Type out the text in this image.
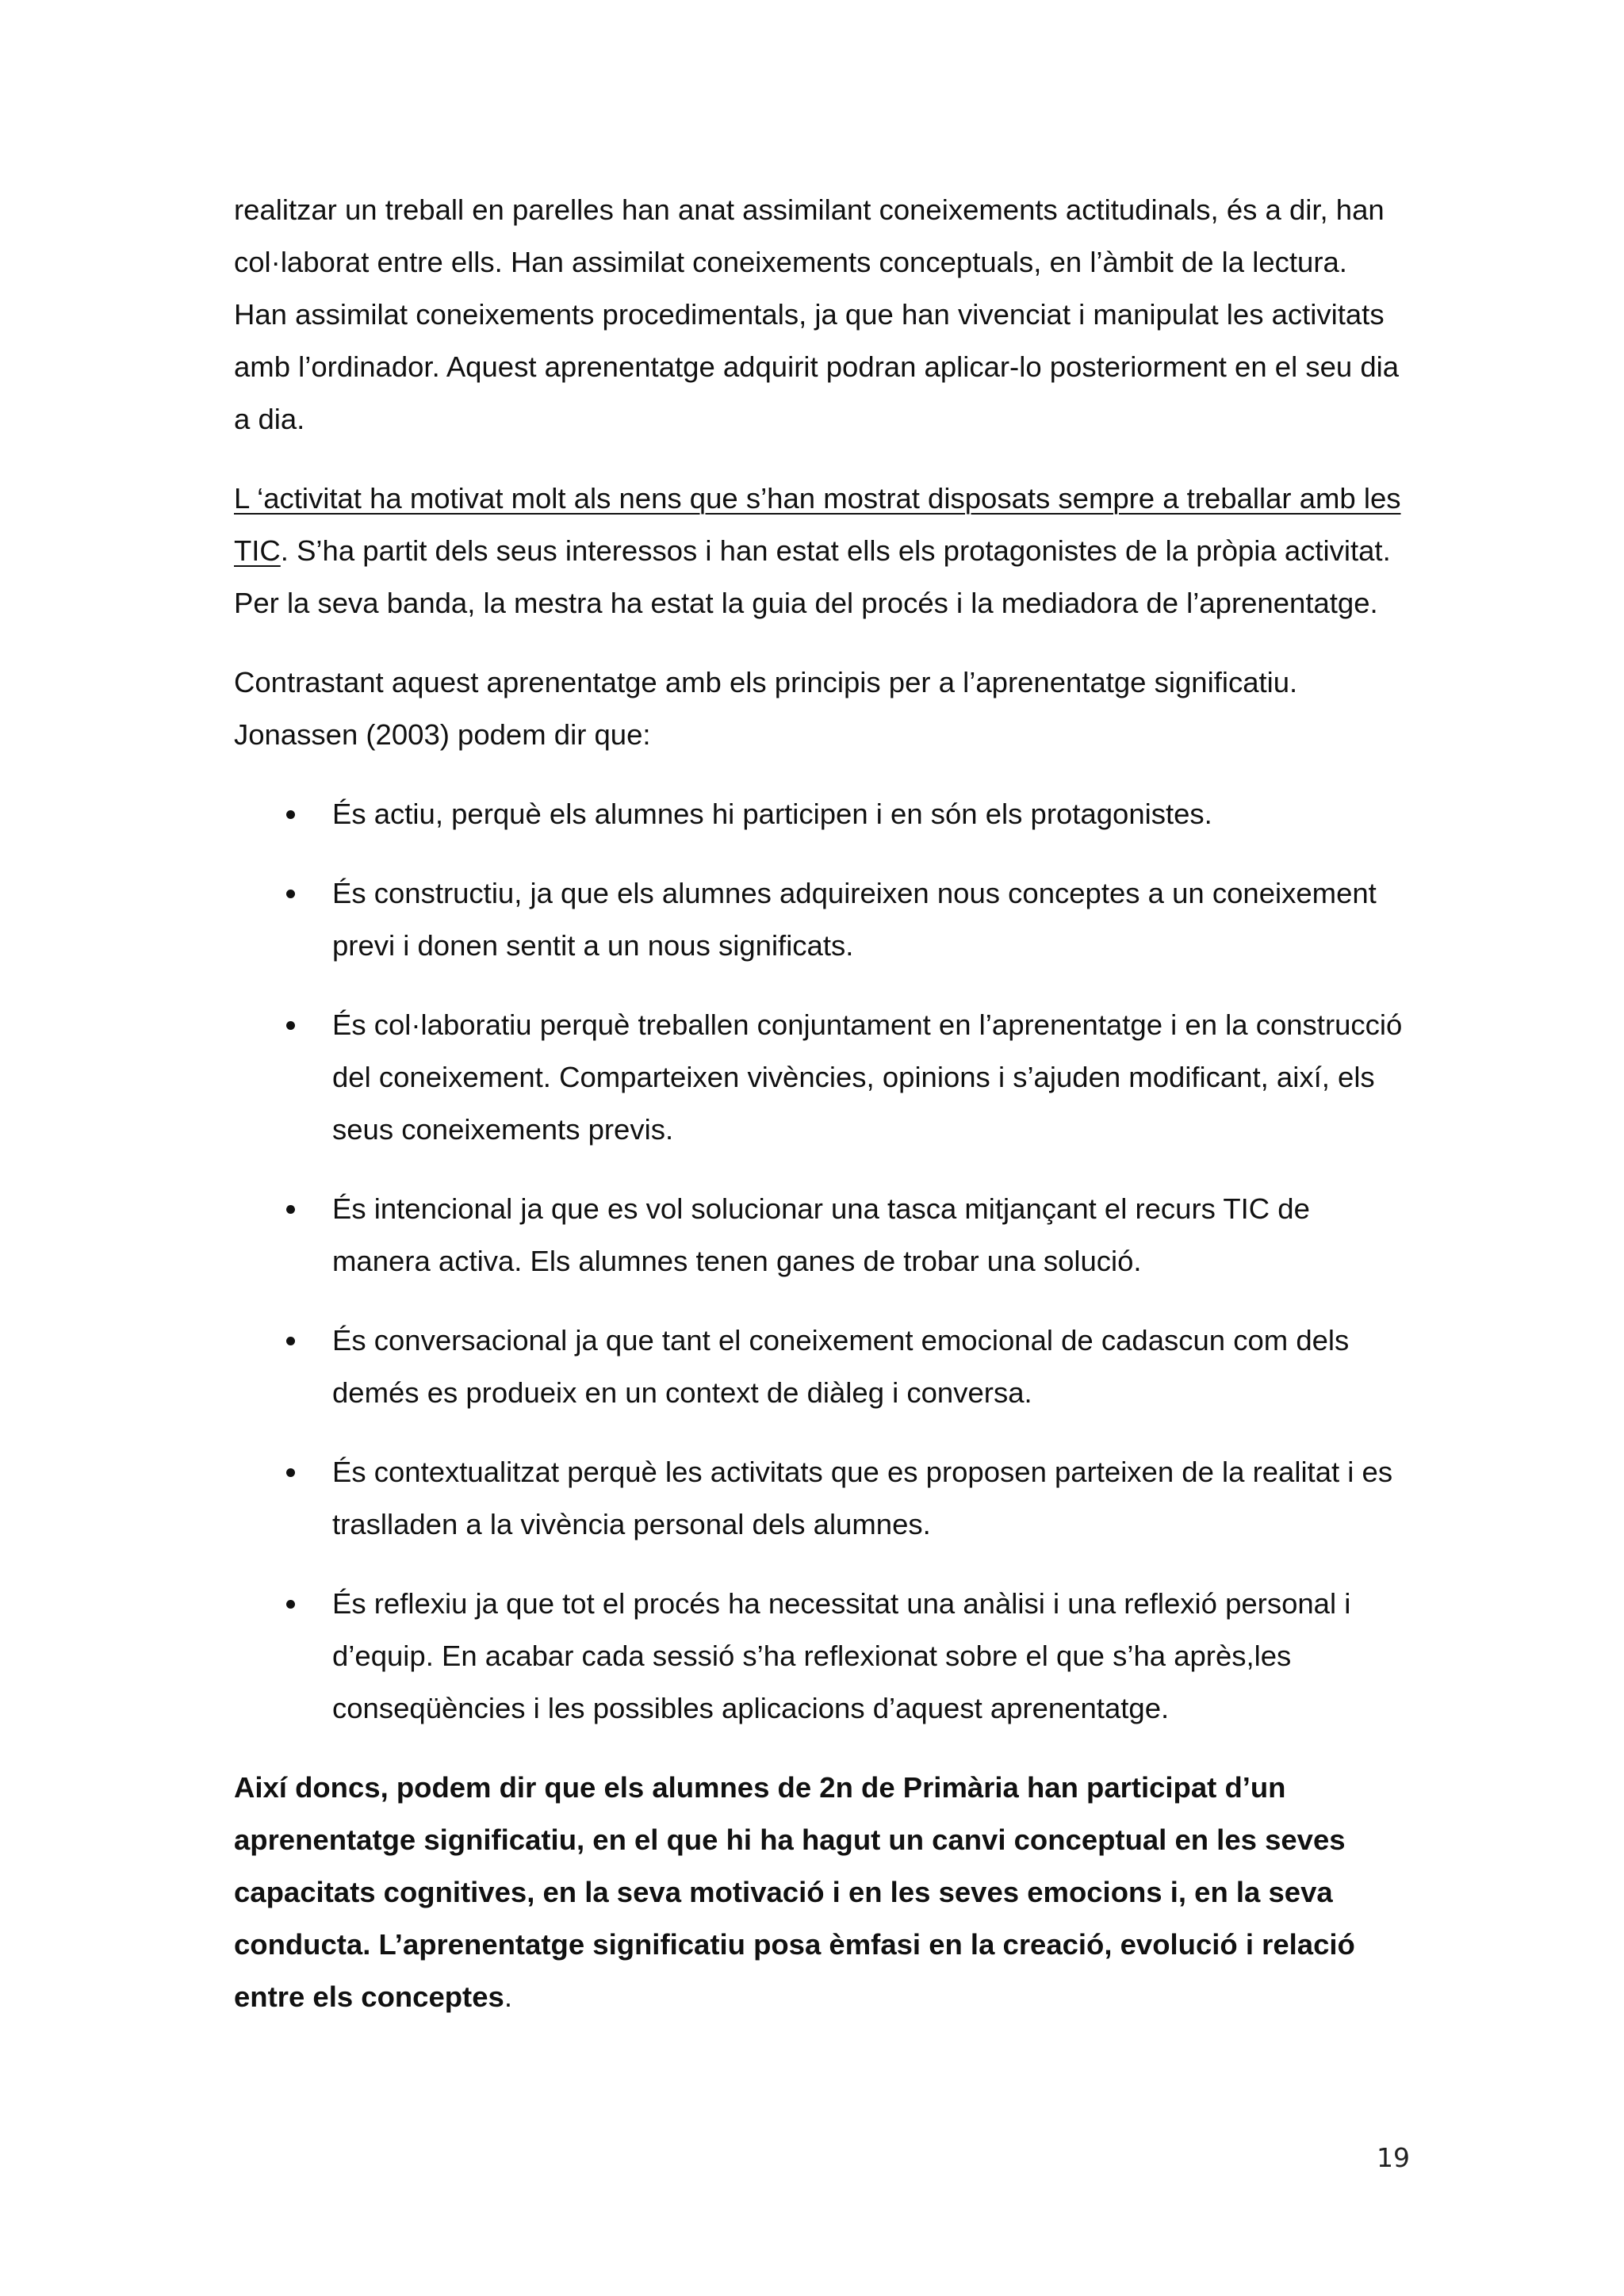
realitzar un treball en parelles han anat assimilant coneixements actitudinals, és a dir, han col·laborat entre ells. Han assimilat coneixements conceptuals, en l’àmbit de la lectura. Han assimilat coneixements procedimentals, ja que han vivenciat i manipulat les activitats amb l’ordinador. Aquest aprenentatge adquirit podran aplicar-lo posteriorment en el seu dia a dia.

L ‘activitat ha motivat molt als nens que s’han mostrat disposats sempre a treballar amb les TIC. S’ha partit dels seus interessos i han estat ells els protagonistes de la pròpia activitat. Per la seva banda, la mestra ha estat la guia del procés i la mediadora de l’aprenentatge.

Contrastant aquest aprenentatge amb els principis per a l’aprenentatge significatiu. Jonassen (2003) podem dir que:

És actiu, perquè els alumnes hi participen i en són els protagonistes.
És constructiu, ja que els alumnes adquireixen nous conceptes a un coneixement previ i donen sentit a un nous significats.
És col·laboratiu perquè treballen conjuntament en l’aprenentatge i en la construcció del coneixement. Comparteixen vivències, opinions i s’ajuden modificant, així, els seus coneixements previs.
És intencional ja que es vol solucionar una tasca mitjançant el recurs TIC de manera activa. Els alumnes tenen ganes de trobar una solució.
És conversacional ja que tant el coneixement emocional de cadascun com dels demés es produeix en un context de diàleg i conversa.
És contextualitzat perquè les activitats que es proposen parteixen de la realitat i es traslladen a la vivència personal dels alumnes.
És reflexiu ja que tot el procés ha necessitat una anàlisi i una reflexió personal i d’equip. En acabar cada sessió s’ha reflexionat sobre el que s’ha après,les conseqüències i les possibles aplicacions d’aquest aprenentatge.

Així doncs, podem dir que els alumnes de 2n de Primària han participat d’un aprenentatge significatiu, en el que hi ha hagut un canvi conceptual en les seves capacitats cognitives, en la seva motivació i en les seves emocions i, en la seva conducta. L’aprenentatge significatiu posa èmfasi en la creació, evolució i relació entre els conceptes.

19
